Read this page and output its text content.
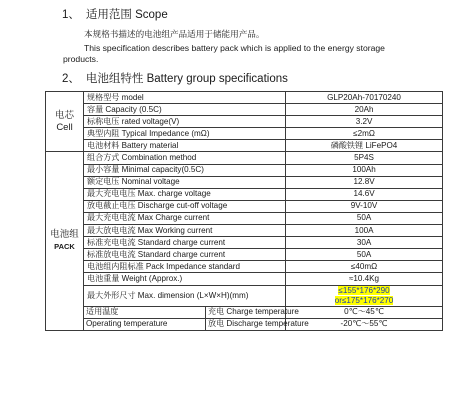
1、 适用范围 Scope
本规格书描述的电池组产品适用于储能用产品。
This specification describes battery pack which is applied to the energy storage
products.
2、 电池组特性 Battery group specifications
电芯
Cell	规格型号 model		GLP20Ah-70170240
	容量 Capacity (0.5C)		20Ah
	标称电压 rated voltage(V)		3.2V
	典型内阻 Typical Impedance (mΩ)		≤2mΩ
	电池材料 Battery material		磷酸铁锂 LiFePO4

电池组
PACK	组合方式 Combination method		5P4S
	最小容量 Minimal capacity(0.5C)		100Ah
	额定电压 Nominal voltage		12.8V
	最大充电电压 Max. charge voltage		14.6V
	放电截止电压 Discharge cut-off voltage		9V-10V
	最大充电电流 Max Charge current		50A
	最大放电电流 Max Working current		100A
	标准充电电流 Standard charge current		30A
	标准放电电流 Standard charge current		50A
	电池组内阻标准 Pack Impedance standard		≤40mΩ
	电池重量 Weight (Approx.)		≈10.4Kg
	最大外形尺寸 Max. dimension (L×W×H)(mm)		≤155*176*290
or≤175*176*270
	适用温度	充电 Charge temperature	0℃～45℃
	Operating temperature	放电 Discharge temperature	-20℃～55℃
